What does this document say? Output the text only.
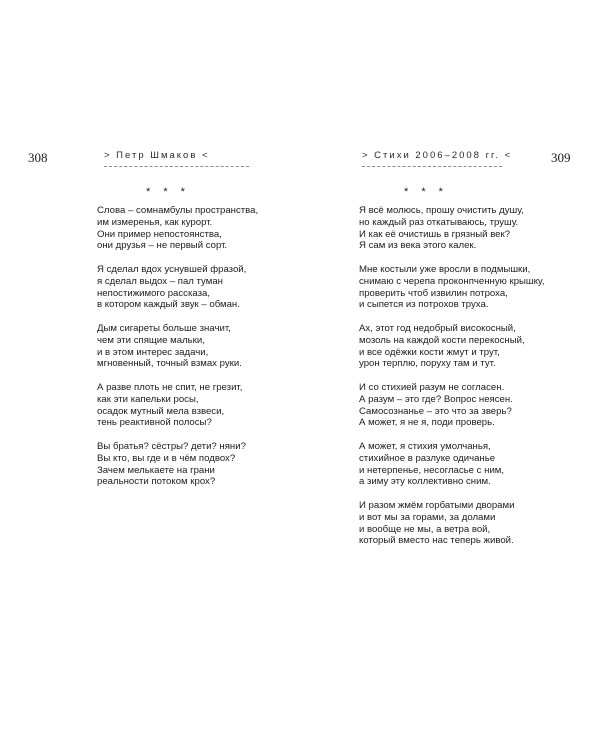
308	> Петр Шмаков <
* * *
Слова – сомнамбулы пространства,
им измеренья, как курорт.
Они пример непостоянства,
они друзья – не первый сорт.
Я сделал вдох уснувшей фразой,
я сделал выдох – пал туман
непостижимого рассказа,
в котором каждый звук – обман.
Дым сигареты больше значит,
чем эти спящие мальки,
и в этом интерес задачи,
мгновенный, точный взмах руки.
А разве плоть не спит, не грезит,
как эти капельки росы,
осадок мутный мела взвеси,
тень реактивной полосы?
Вы братья? сёстры? дети? няни?
Вы кто, вы где и в чём подвох?
Зачем мелькаете на грани
реальности потоком крох?
> Стихи 2006–2008 гг. <	309
* * *
Я всё молюсь, прошу очистить душу,
но каждый раз откатываюсь, трушу.
И как её очистишь в грязный век?
Я сам из века этого калек.
Мне костыли уже вросли в подмышки,
снимаю с черепа проконпченную крышку,
проверить чтоб извилин потроха,
и сыпется из потрохов труха.
Ах, этот год недобрый високосный,
мозоль на каждой кости перекосный,
и все одёжки кости жмут и трут,
урон терплю, поруху там и тут.
И со стихией разум не согласен.
А разум – это где? Вопрос неясен.
Самосознанье – это что за зверь?
А может, я не я, поди проверь.
А может, я стихия умолчанья,
стихийное в разлуке одичанье
и нетерпенье, несогласье с ним,
а зиму эту коллективно сним.
И разом жмём горбатыми дворами
и вот мы за горами, за долами
и вообще не мы, а ветра вой,
который вместо нас теперь живой.
